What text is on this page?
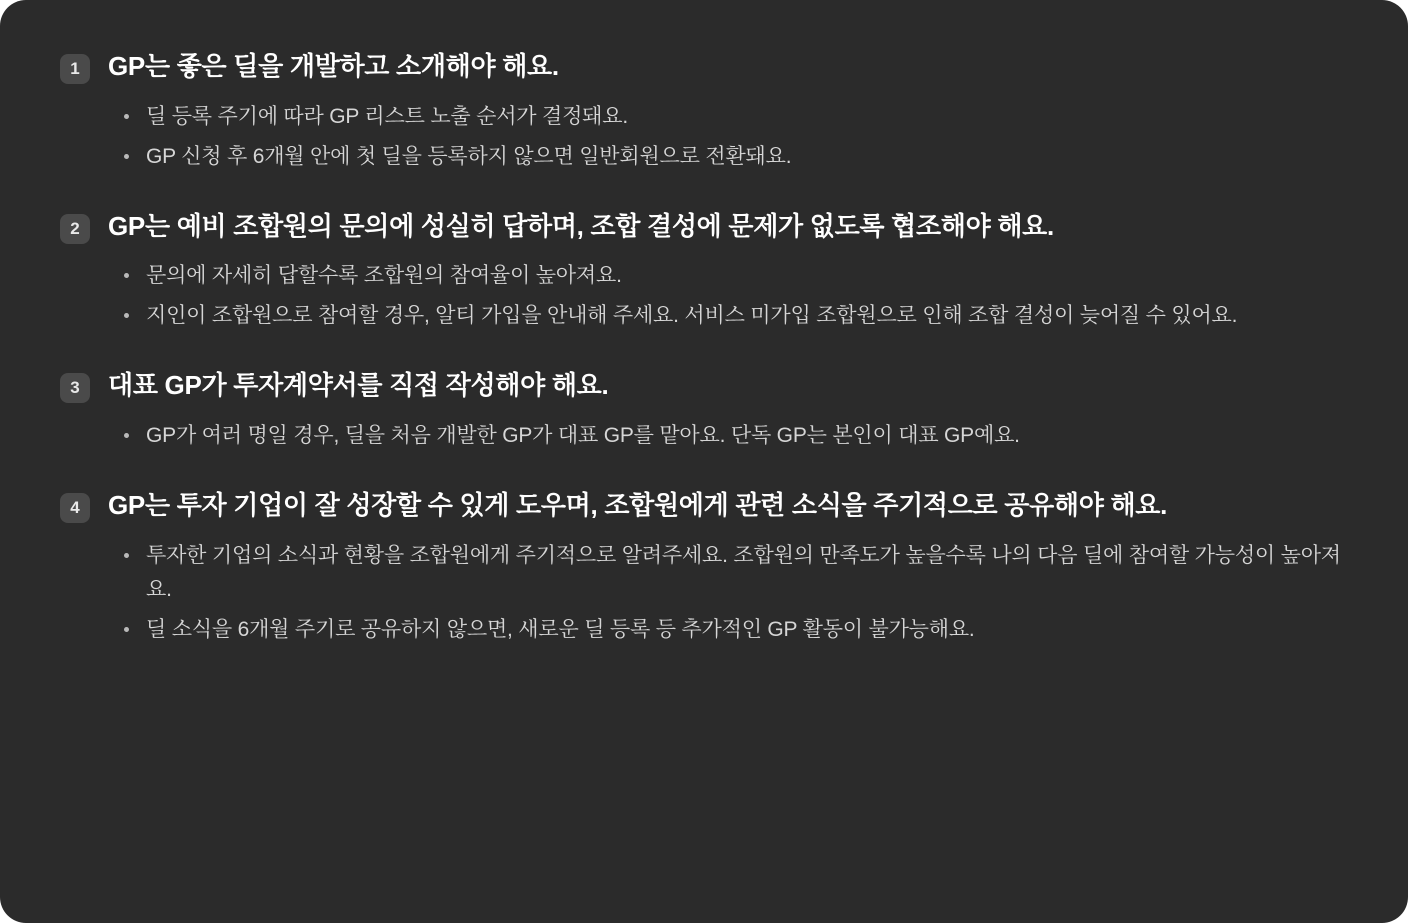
1	GP는 좋은 딜을 개발하고 소개해야 해요.
딜 등록 주기에 따라 GP 리스트 노출 순서가 결정돼요.
GP 신청 후 6개월 안에 첫 딜을 등록하지 않으면 일반회원으로 전환돼요.
2	GP는 예비 조합원의 문의에 성실히 답하며, 조합 결성에 문제가 없도록 협조해야 해요.
문의에 자세히 답할수록 조합원의 참여율이 높아져요.
지인이 조합원으로 참여할 경우, 알티 가입을 안내해 주세요. 서비스 미가입 조합원으로 인해 조합 결성이 늦어질 수 있어요.
3	대표 GP가 투자계약서를 직접 작성해야 해요.
GP가 여러 명일 경우, 딜을 처음 개발한 GP가 대표 GP를 맡아요. 단독 GP는 본인이 대표 GP예요.
4	GP는 투자 기업이 잘 성장할 수 있게 도우며, 조합원에게 관련 소식을 주기적으로 공유해야 해요.
투자한 기업의 소식과 현황을 조합원에게 주기적으로 알려주세요. 조합원의 만족도가 높을수록 나의 다음 딜에 참여할 가능성이 높아져요.
딜 소식을 6개월 주기로 공유하지 않으면, 새로운 딜 등록 등 추가적인 GP 활동이 불가능해요.
